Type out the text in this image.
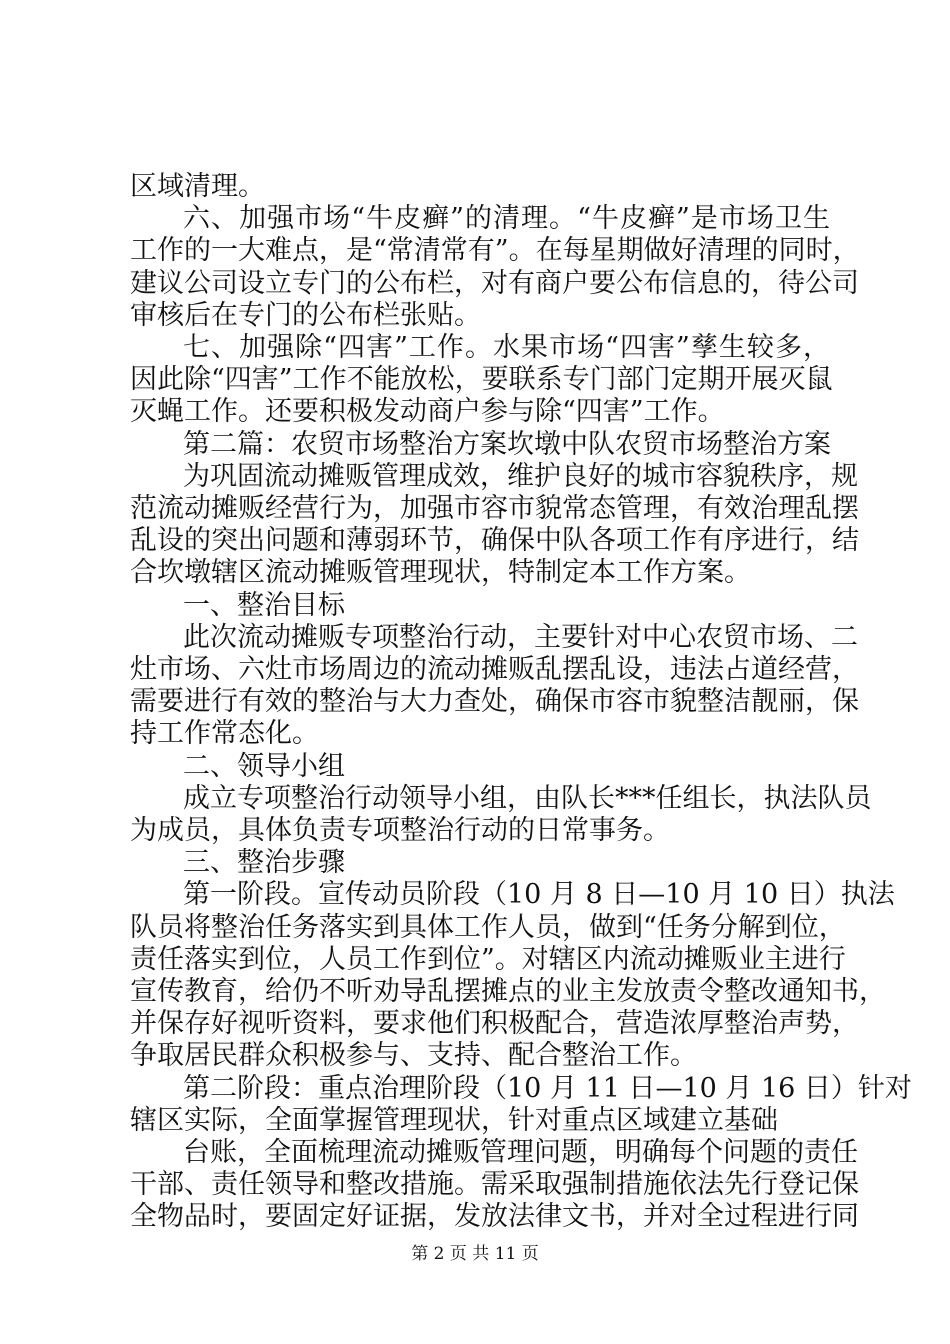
区域清理。
六、加强市场“牛皮癣”的清理。“牛皮癣”是市场卫生
工作的一大难点，是“常清常有”。在每星期做好清理的同时，
建议公司设立专门的公布栏，对有商户要公布信息的，待公司
审核后在专门的公布栏张贴。
七、加强除“四害”工作。水果市场“四害”孳生较多，
因此除“四害”工作不能放松，要联系专门部门定期开展灭鼠
灭蝇工作。还要积极发动商户参与除“四害”工作。
第二篇：农贸市场整治方案坎墩中队农贸市场整治方案
为巩固流动摊贩管理成效，维护良好的城市容貌秩序，规
范流动摊贩经营行为，加强市容市貌常态管理，有效治理乱摆
乱设的突出问题和薄弱环节，确保中队各项工作有序进行，结
合坎墩辖区流动摊贩管理现状，特制定本工作方案。
一、整治目标
此次流动摊贩专项整治行动，主要针对中心农贸市场、二
灶市场、六灶市场周边的流动摊贩乱摆乱设，违法占道经营，
需要进行有效的整治与大力查处，确保市容市貌整洁靓丽，保
持工作常态化。
二、领导小组
成立专项整治行动领导小组，由队长***任组长，执法队员
为成员，具体负责专项整治行动的日常事务。
三、整治步骤
第一阶段。宣传动员阶段（10 月 8 日—10 月 10 日）执法
队员将整治任务落实到具体工作人员，做到“任务分解到位，
责任落实到位，人员工作到位”。对辖区内流动摊贩业主进行
宣传教育，给仍不听劝导乱摆摊点的业主发放责令整改通知书，
并保存好视听资料，要求他们积极配合，营造浓厚整治声势，
争取居民群众积极参与、支持、配合整治工作。
第二阶段：重点治理阶段（10 月 11 日—10 月 16 日）针对
辖区实际，全面掌握管理现状，针对重点区域建立基础
台账，全面梳理流动摊贩管理问题，明确每个问题的责任
干部、责任领导和整改措施。需采取强制措施依法先行登记保
全物品时，要固定好证据，发放法律文书，并对全过程进行同
第 2 页 共 11 页
